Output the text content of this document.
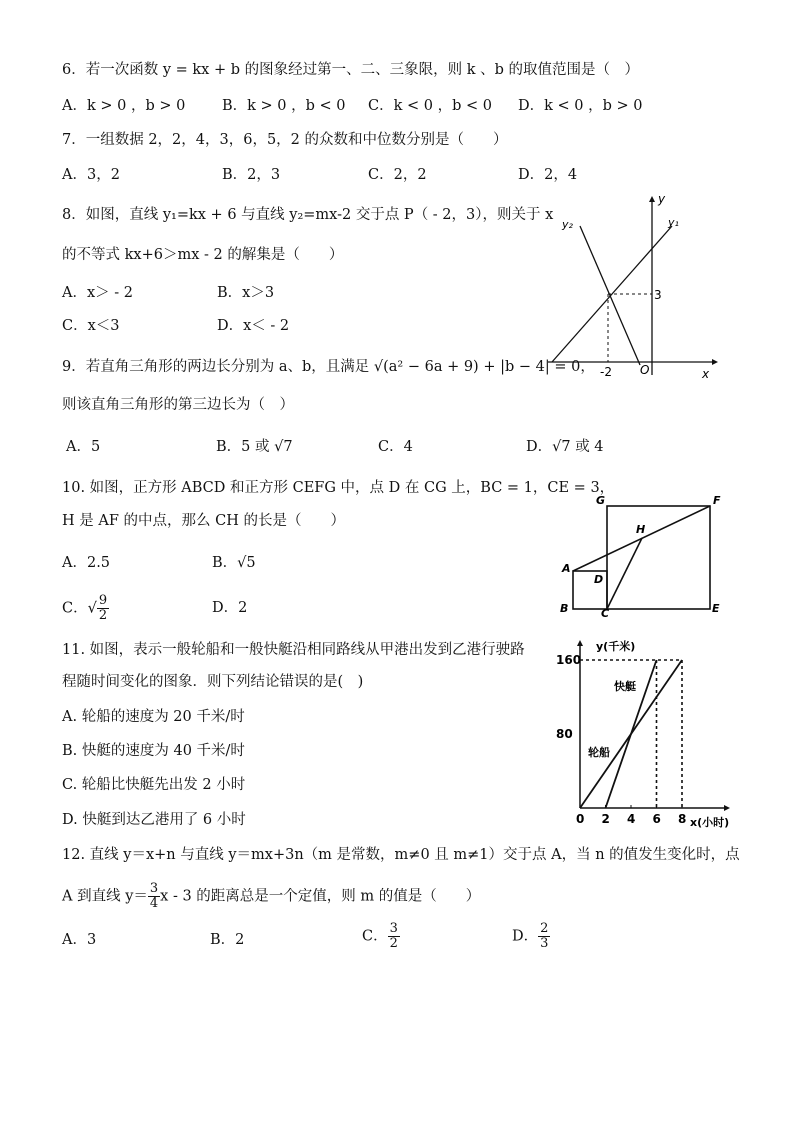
6．若一次函数 y = kx + b 的图象经过第一、二、三象限，则 k 、b 的取值范围是（　）
A．k > 0 ，b > 0	B．k > 0 ，b < 0 C．k < 0 ，b < 0 D．k < 0 ，b > 0
7．一组数据 2，2，4，3，6，5，2 的众数和中位数分别是（　　）
A．3，2	B．2，3	C．2，2	D．2，4
8．如图，直线 y₁=kx + 6 与直线 y₂=mx-2 交于点 P（ - 2，3），则关于 x
的不等式 kx+6＞mx - 2 的解集是（　　）
A．x＞ - 2	B．x＞3
C．x＜3	D．x＜ - 2
y
x
y₁
y₂
3
-2 O
9．若直角三角形的两边长分别为 a、b，且满足 √(a² − 6a + 9) + |b − 4| = 0，
则该直角三角形的第三边长为（　）
A．5	B．5 或 √7	C．4	D．√7 或 4
10. 如图，正方形 ABCD 和正方形 CEFG 中，点 D 在 CG 上，BC = 1，CE = 3，
H 是 AF 的中点，那么 CH 的长是（　　）
A．2.5	B．√5
C．√ $\frac{9}{2}$	D．2
G	F
H
A
D
B	C	E
11. 如图，表示一般轮船和一般快艇沿相同路线从甲港出发到乙港行驶路
程随时间变化的图象．则下列结论错误的是(　)
A. 轮船的速度为 20 千米/时
B. 快艇的速度为 40 千米/时
C. 轮船比快艇先出发 2 小时
D. 快艇到达乙港用了 6 小时	0 2 4 6 8
80
160
y(千米)
x(小时)
快艇
轮船
12. 直线 y＝x+n 与直线 y＝mx+3n（m 是常数，m≠0 且 m≠1）交于点 A，当 n 的值发生变化时，点
A 到直线 $y= \frac{3}{4}$ x - 3 的距离总是一个定值，则 m 的值是（　　）
A．3	B．2	C． $\frac{3}{2}$	D． $\frac{2}{3}$
